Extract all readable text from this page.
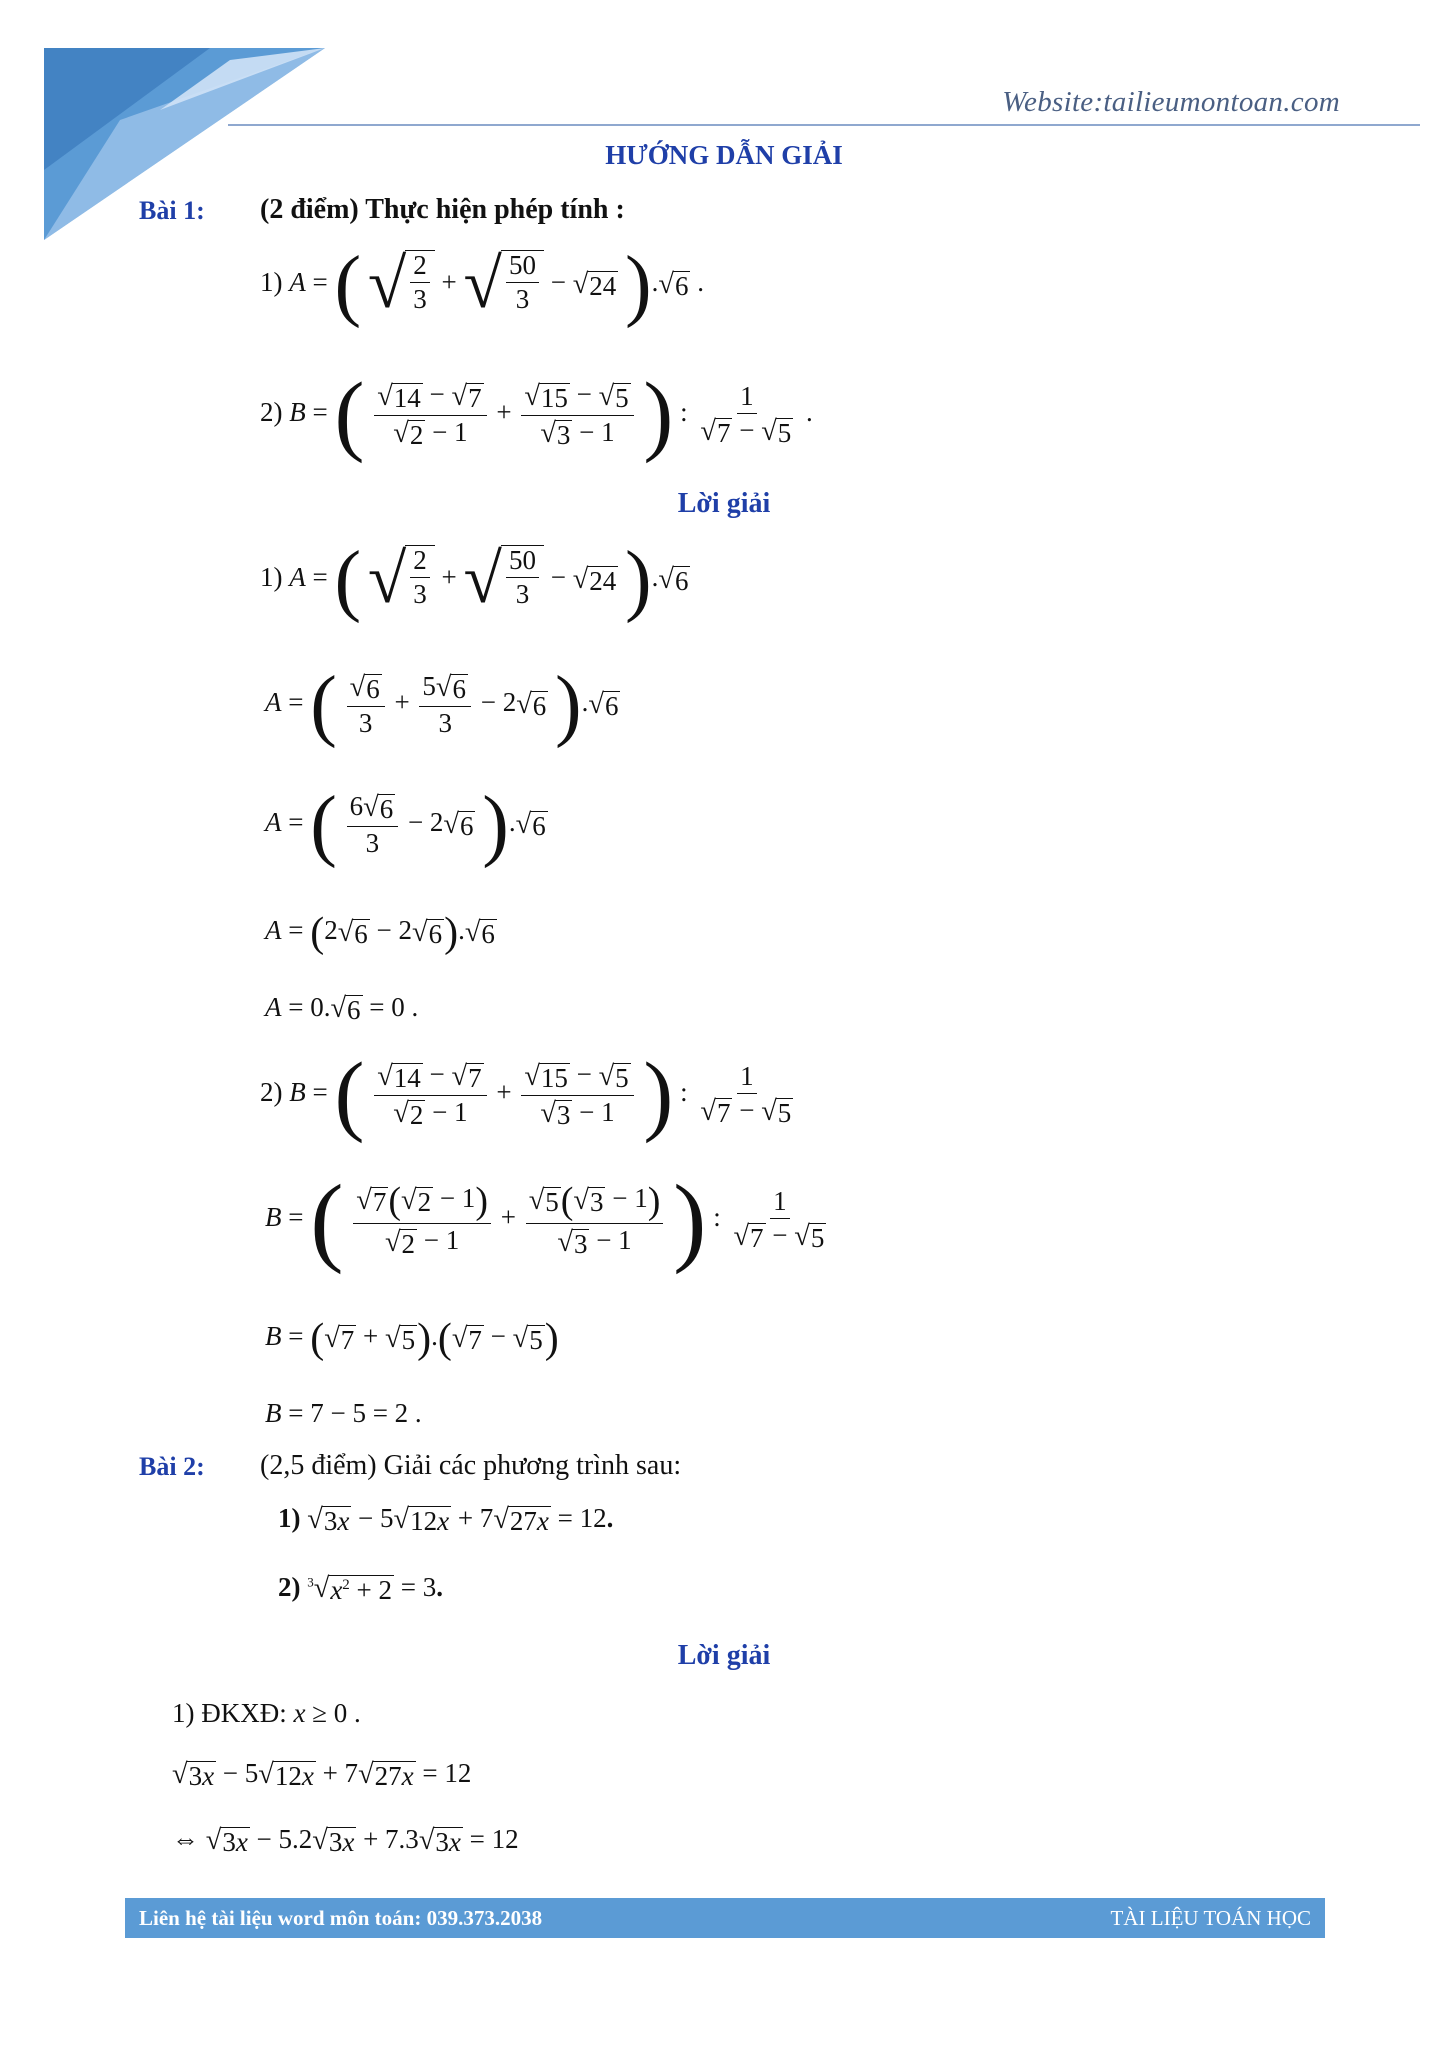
Website:tailieumontoan.com
HƯỚNG DẪN GIẢI
Bài 1: (2 điểm) Thực hiện phép tính :
1) A = ( √ $\frac{2}{3}$ + √ $\frac{50}{3}$ − √ 24 ). √ 6 .
2) B = ( $\frac{√ 14 - √ 7}{√ 2 - 1} + \frac{√ 15 - √ 5}{√ 3 - 1}$ ) : $\frac{1}{√ 7 - √ 5}$ .
Lời giải
1) A = ( √ $\frac{2}{3}$ + √ $\frac{50}{3}$ − √ 24 ). √ 6
A = ( $\frac{√ 6}{3} + \frac{5 √ 6}{3} - 2$ √ 6 ). √ 6
A = ( $\frac{6 √ 6}{3} - 2$ √ 6 ). √ 6
A = (2 √ 6 − 2 √ 6 ). √ 6
A = 0. √ 6 = 0 .
2) B = ( $\frac{√ 14 - √ 7}{√ 2 - 1} + \frac{√ 15 - √ 5}{√ 3 - 1}$ ) : $\frac{1}{√ 7 - √ 5}$
B = ( $\frac{√ 7 ( √ 2 - 1)}{√ 2 - 1} + \frac{√ 5 ( √ 3 - 1)}{√ 3 - 1}$ ) : $\frac{1}{√ 7 - √ 5}$
B = ( √ 7 + √ 5 ).( √ 7 − √ 5 )
B = 7 − 5 = 2 .
Bài 2: (2,5 điểm) Giải các phương trình sau:
1) √ 3x − 5 √ 12x + 7 √ 27x = 12.
2) $^3$√ $x^2 + 2 = 3$.
Lời giải
1) ĐKXĐ: x ≥ 0 .
√ 3x − 5 √ 12x + 7 √ 27x = 12
⇔ √ 3x − 5.2 √ 3x + 7.3 √ 3x = 12
Liên hệ tài liệu word môn toán: 039.373.2038	TÀI LIỆU TOÁN HỌC
